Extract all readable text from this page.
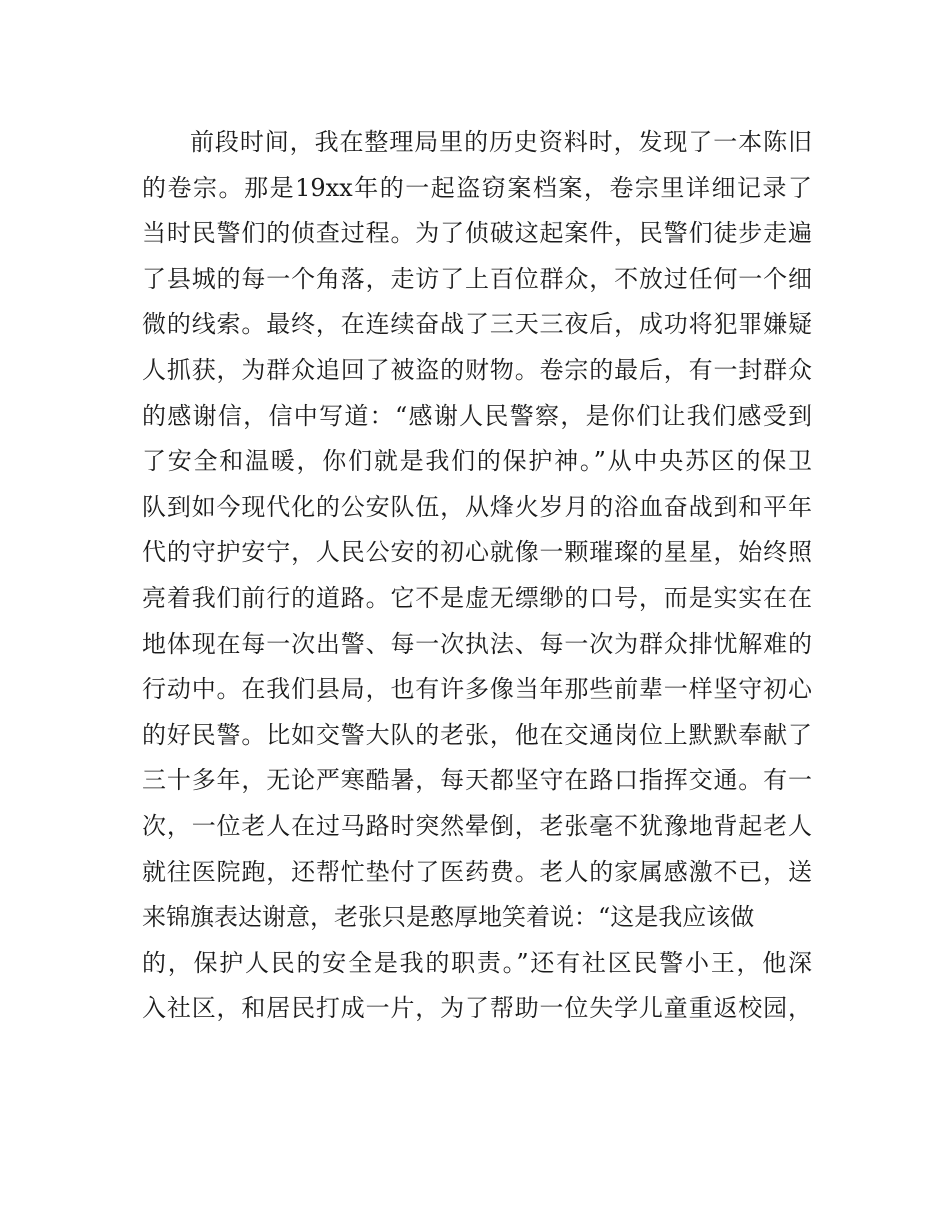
前段时间，我在整理局里的历史资料时，发现了一本陈旧
的卷宗。那是19xx年的一起盗窃案档案，卷宗里详细记录了
当时民警们的侦查过程。为了侦破这起案件，民警们徒步走遍
了县城的每一个角落，走访了上百位群众，不放过任何一个细
微的线索。最终，在连续奋战了三天三夜后，成功将犯罪嫌疑
人抓获，为群众追回了被盗的财物。卷宗的最后，有一封群众
的感谢信，信中写道：“感谢人民警察，是你们让我们感受到
了安全和温暖，你们就是我们的保护神。”从中央苏区的保卫
队到如今现代化的公安队伍，从烽火岁月的浴血奋战到和平年
代的守护安宁，人民公安的初心就像一颗璀璨的星星，始终照
亮着我们前行的道路。它不是虚无缥缈的口号，而是实实在在
地体现在每一次出警、每一次执法、每一次为群众排忧解难的
行动中。在我们县局，也有许多像当年那些前辈一样坚守初心
的好民警。比如交警大队的老张，他在交通岗位上默默奉献了
三十多年，无论严寒酷暑，每天都坚守在路口指挥交通。有一
次，一位老人在过马路时突然晕倒，老张毫不犹豫地背起老人
就往医院跑，还帮忙垫付了医药费。老人的家属感激不已，送
来锦旗表达谢意，老张只是憨厚地笑着说：“这是我应该做
的，保护人民的安全是我的职责。”还有社区民警小王，他深
入社区，和居民打成一片，为了帮助一位失学儿童重返校园，
